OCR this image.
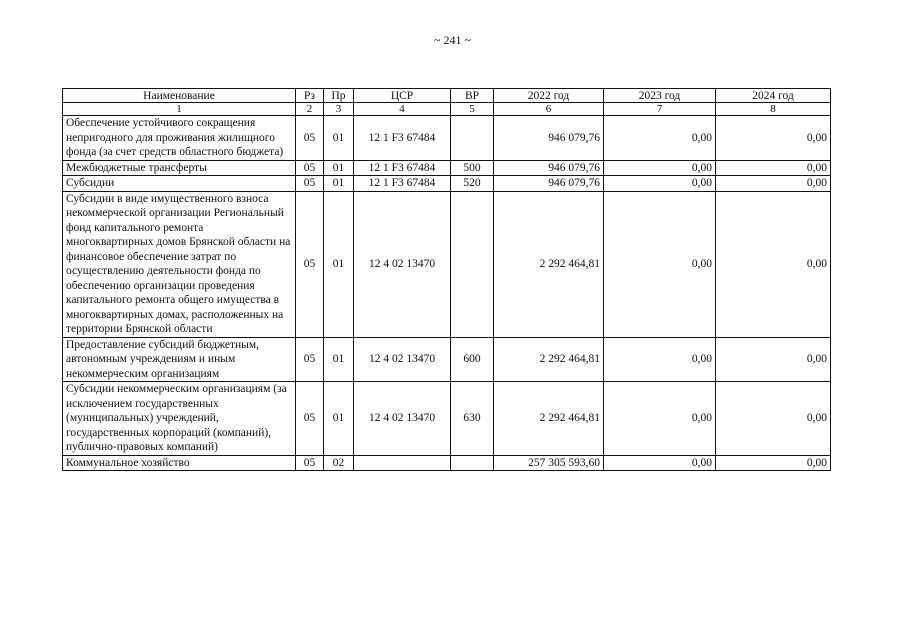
~ 241 ~
Наименование	Рз	Пр	ЦСР	ВР	2022 год	2023 год	2024 год
1	2	3	4	5	6	7	8
Обеспечение устойчивого сокращения непригодного для проживания жилищного фонда (за счет средств областного бюджета)	05	01	12 1 F3 67484		946 079,76	0,00	0,00
Межбюджетные трансферты	05	01	12 1 F3 67484	500	946 079,76	0,00	0,00
Субсидии	05	01	12 1 F3 67484	520	946 079,76	0,00	0,00
Субсидии в виде имущественного взноса некоммерческой организации Региональный фонд капитального ремонта многоквартирных домов Брянской области на финансовое обеспечение затрат по осуществлению деятельности фонда по обеспечению организации проведения капитального ремонта общего имущества в многоквартирных домах, расположенных на территории Брянской области	05	01	12 4 02 13470		2 292 464,81	0,00	0,00
Предоставление субсидий бюджетным, автономным учреждениям и иным некоммерческим организациям	05	01	12 4 02 13470	600	2 292 464,81	0,00	0,00
Субсидии некоммерческим организациям (за исключением государственных (муниципальных) учреждений, государственных корпораций (компаний), публично-правовых компаний)	05	01	12 4 02 13470	630	2 292 464,81	0,00	0,00
Коммунальное хозяйство	05	02			257 305 593,60	0,00	0,00
